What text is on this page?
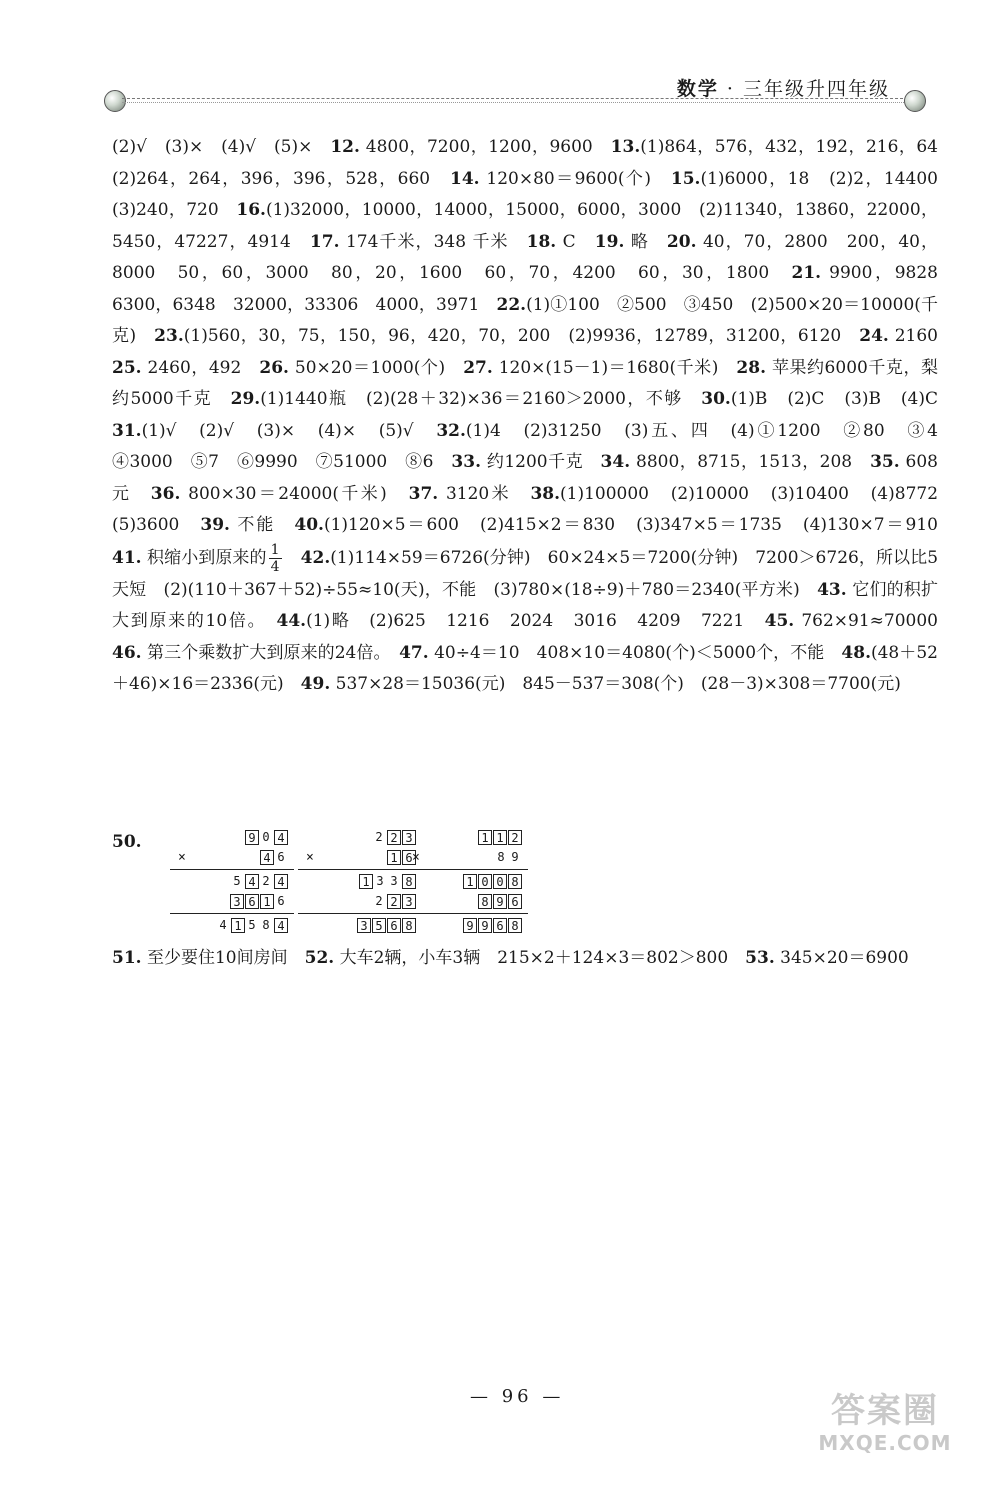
数学 · 三年级升四年级

(2)√　(3)×　(4)√　(5)×　12. 4800，7200，1200，9600　13.(1)864，576，432，192，216，64　(2)264，264，396，396，528，660　14. 120×80＝9600(个)　15.(1)6000，18　(2)2，14400　(3)240，720　16.(1)32000，10000，14000，15000，6000，3000　(2)11340，13860，22000，5450，47227，4914　17. 174千米，348 千米　18. C　19. 略　20. 40，70，2800　200，40，8000　50，60，3000　80，20，1600　60，70，4200　60，30，1800　21. 9900，9828　6300，6348　32000，33306　4000，3971　22.(1)①100　②500　③450　(2)500×20＝10000(千克)　23.(1)560，30，75，150，96，420，70，200　(2)9936，12789，31200，6120　24. 2160　25. 2460，492　26. 50×20＝1000(个)　27. 120×(15－1)＝1680(千米)　28. 苹果约6000千克，梨约5000千克　29.(1)1440瓶　(2)(28＋32)×36＝2160＞2000，不够　30.(1)B　(2)C　(3)B　(4)C　31.(1)√　(2)√　(3)×　(4)×　(5)√　32.(1)4　(2)31250　(3)五、四　(4)①1200　②80　③4　④3000　⑤7　⑥9990　⑦51000　⑧6　33. 约1200千克　34. 8800，8715，1513，208　35. 608元　36. 800×30＝24000(千米)　37. 3120米　38.(1)100000　(2)10000　(3)10400　(4)8772　(5)3600　39. 不能　40.(1)120×5＝600　(2)415×2＝830　(3)347×5＝1735　(4)130×7＝910　41. 积缩小到原来的 $\frac{1}{4}$
　 42.(1)114×59＝6726(分钟)　60×24×5＝7200(分钟)　7200＞6726，所以比5天短　(2)(110＋367＋52)÷55≈10(天)，不能　(3)780×(18÷9)＋780＝2340(平方米)　43. 它们的积扩大到原来的10倍。　44.(1)略　(2)625　1216　2024　3016　4209　7221　45. 762×91≈70000　46. 第三个乘数扩大到原来的24倍。　47. 40÷4＝10　408×10＝4080(个)＜5000个，不能　48.(48＋52＋46)×16＝2336(元)　49. 537×28＝15036(元)　845－537＝308(个)　(28－3)×308＝7700(元)

50.	9 0 4
×	4 6
5 4 2 4
3 6 1 6
4 1 5 8 4
2 2 3
×	1 6
1 3 3 8
2 2 3
3 5 6 8
1 1 2
×	8 9
1 0 0 8
8 9 6
9 9 6 8

51. 至少要住10间房间　52. 大车2辆，小车3辆　215×2＋124×3＝802＞800　53. 345×20＝6900

— 96 —	答案圈
MXQE.COM
